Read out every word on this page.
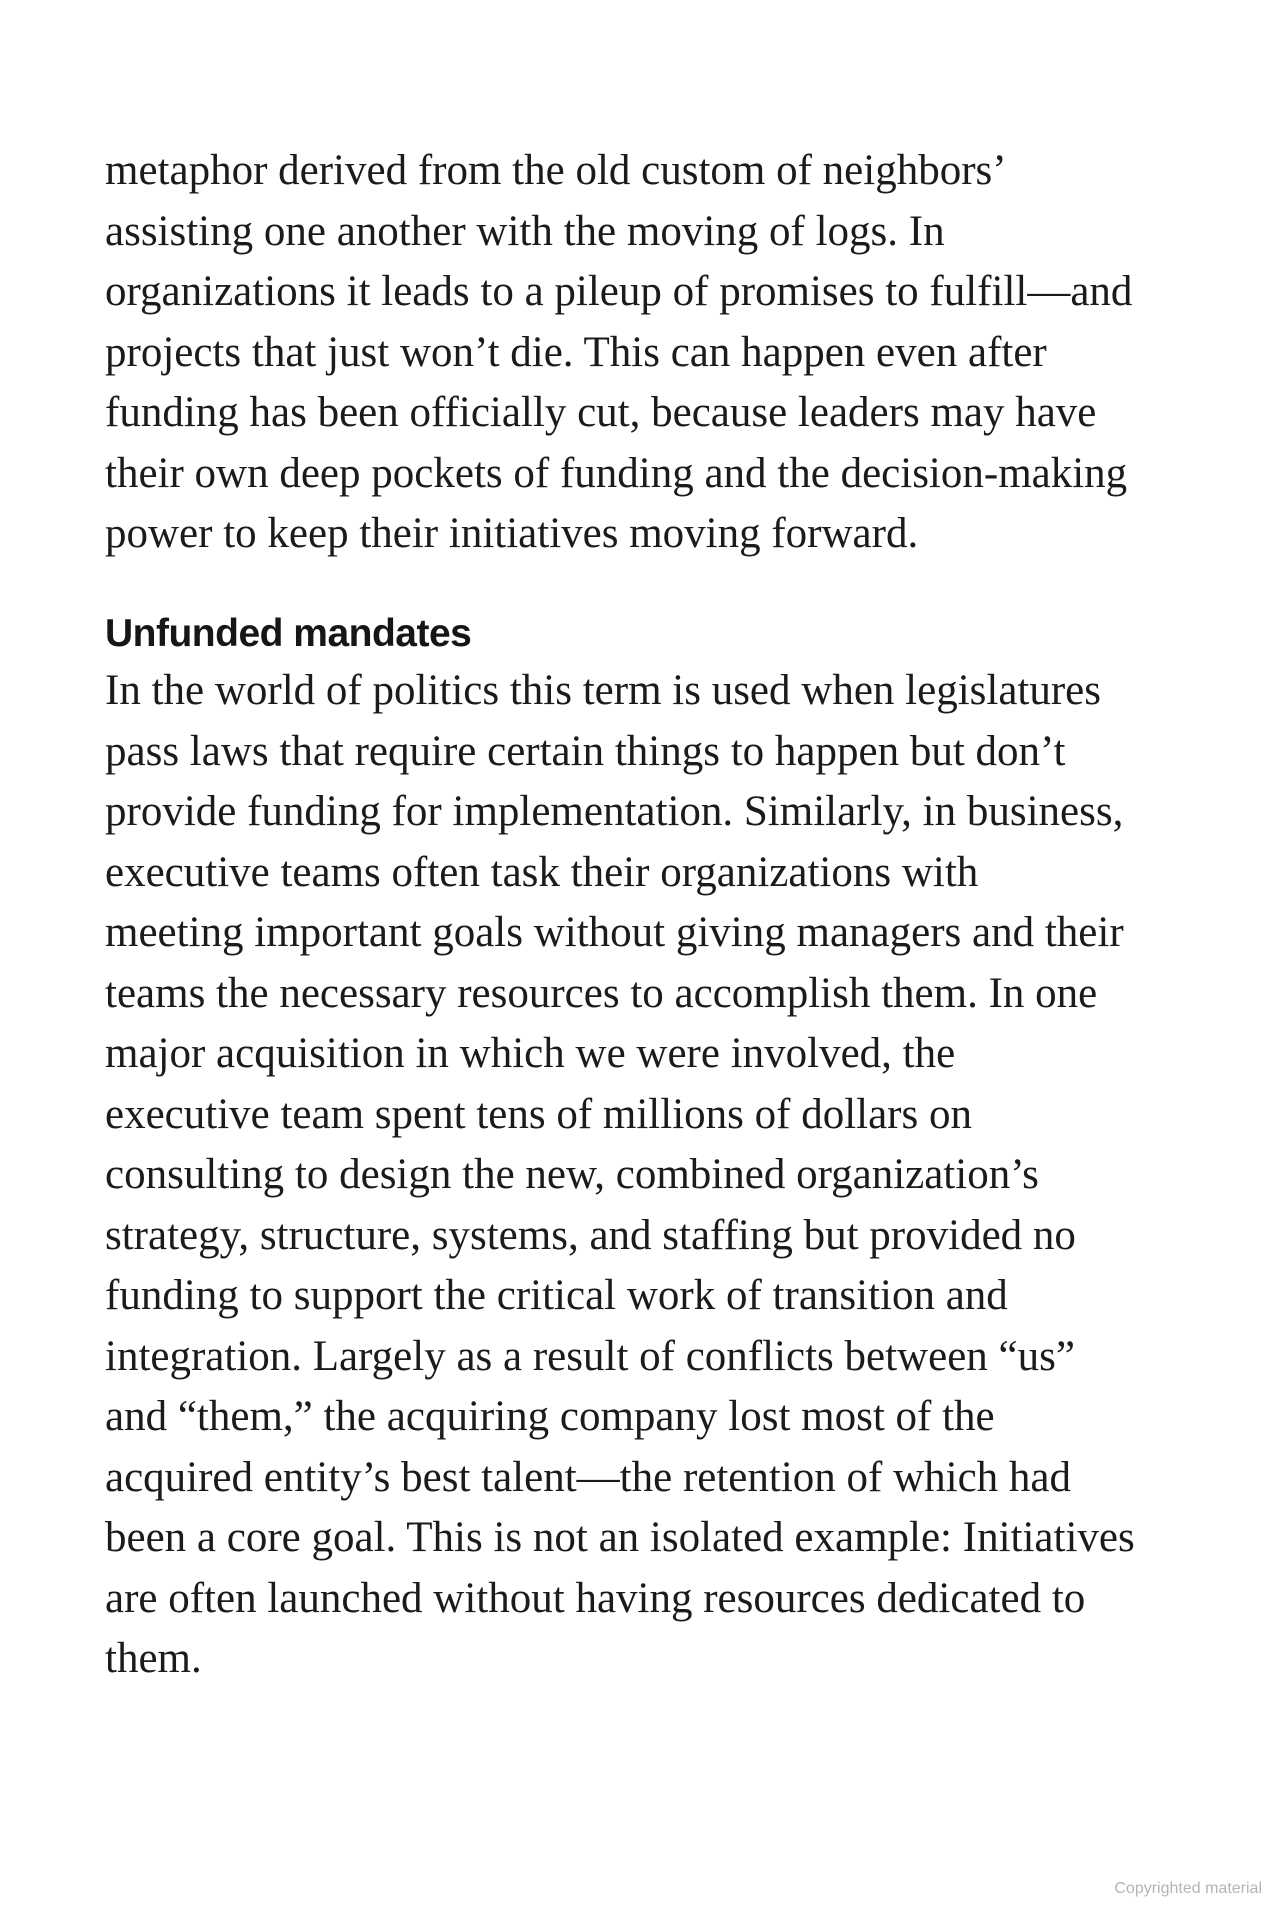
metaphor derived from the old custom of neighbors’
assisting one another with the moving of logs. In
organizations it leads to a pileup of promises to fulfill—and
projects that just won’t die. This can happen even after
funding has been officially cut, because leaders may have
their own deep pockets of funding and the decision-making
power to keep their initiatives moving forward.
Unfunded mandates
In the world of politics this term is used when legislatures
pass laws that require certain things to happen but don’t
provide funding for implementation. Similarly, in business,
executive teams often task their organizations with
meeting important goals without giving managers and their
teams the necessary resources to accomplish them. In one
major acquisition in which we were involved, the
executive team spent tens of millions of dollars on
consulting to design the new, combined organization’s
strategy, structure, systems, and staffing but provided no
funding to support the critical work of transition and
integration. Largely as a result of conflicts between “us”
and “them,” the acquiring company lost most of the
acquired entity’s best talent—the retention of which had
been a core goal. This is not an isolated example: Initiatives
are often launched without having resources dedicated to
them.
Copyrighted material
